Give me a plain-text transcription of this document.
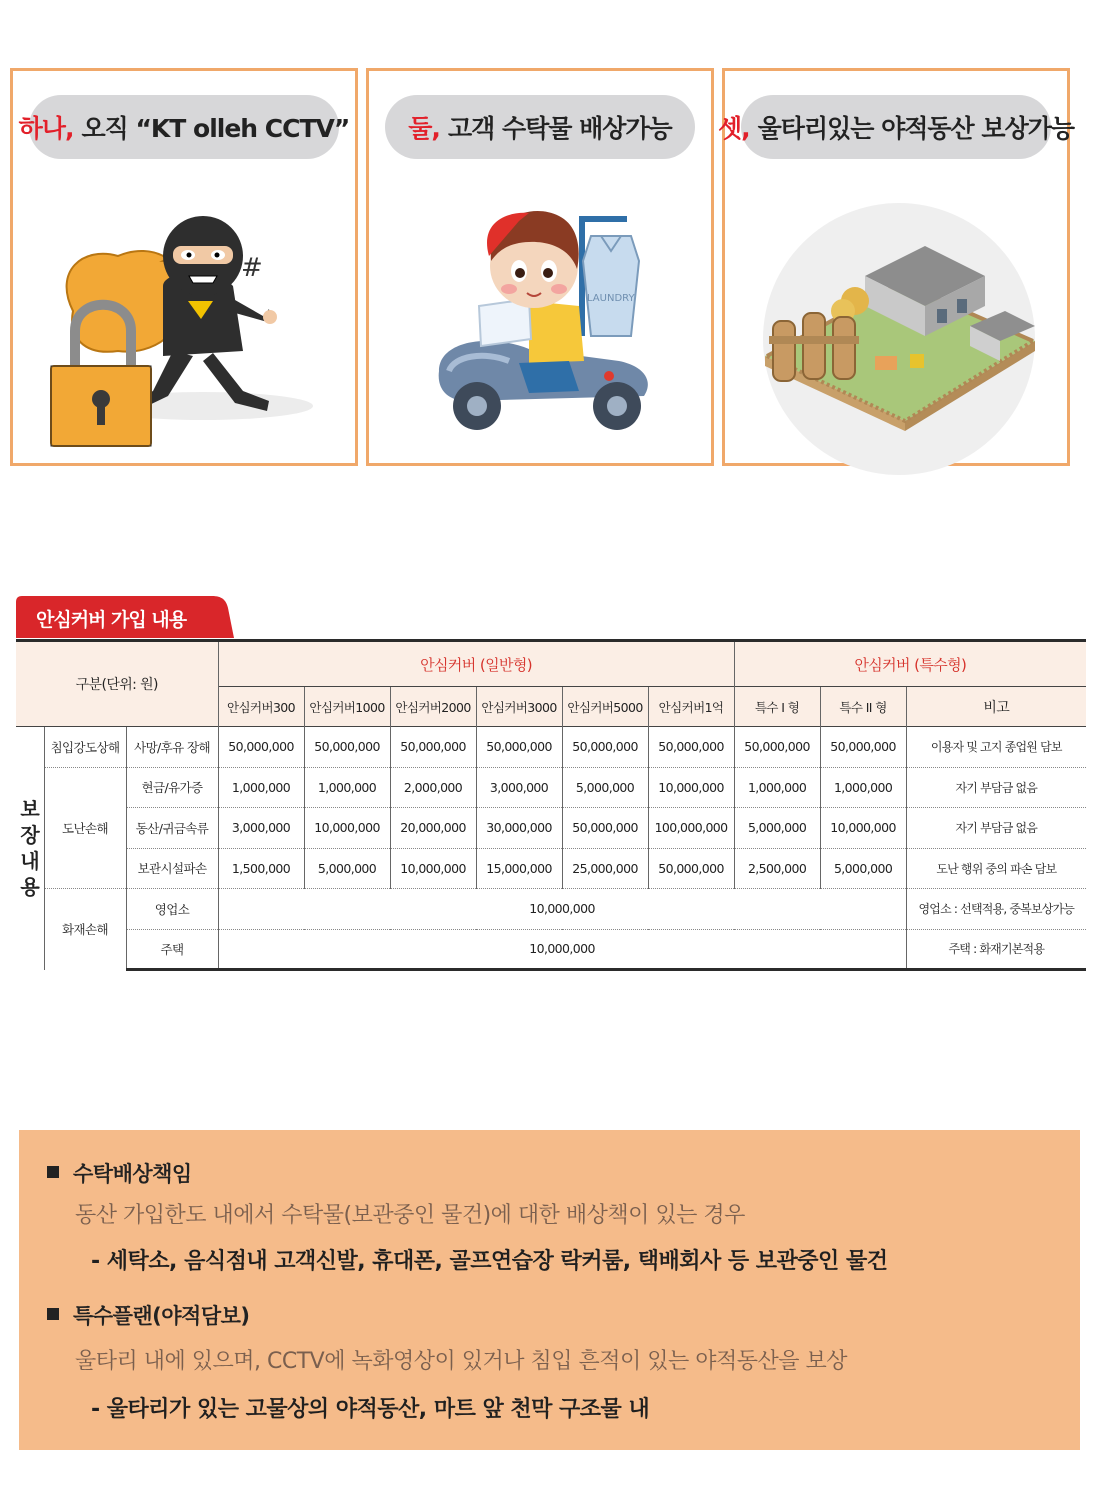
#
하나, 오직 “KT olleh CCTV”
LAUNDRY
둘, 고객 수탁물 배상가능 셋, 울타리있는 야적동산 보상가능
안심커버 가입 내용
구분(단위: 원)			안심커버 (일반형)						안심커버 (특수형)		
			안심커버300	안심커버1000	안심커버2000	안심커버3000	안심커버5000	안심커버1억	특수 I 형	특수 II 형	비고

보
장
내
용	침입강도상해	사망/후유 장해	50,000,000	50,000,000	50,000,000	50,000,000	50,000,000	50,000,000	50,000,000	50,000,000	이용자 및 고지 종업원 담보
	도난손해	현금/유가증	1,000,000	1,000,000	2,000,000	3,000,000	5,000,000	10,000,000	1,000,000	1,000,000	자기 부담금 없음
		동산/귀금속류	3,000,000	10,000,000	20,000,000	30,000,000	50,000,000	100,000,000	5,000,000	10,000,000	자기 부담금 없음
		보관시설파손	1,500,000	5,000,000	10,000,000	15,000,000	25,000,000	50,000,000	2,500,000	5,000,000	도난 행위 중의 파손 담보
	화재손해	영업소	10,000,000								영업소 : 선택적용, 중복보상가능
		주택	10,000,000								주택 : 화재기본적용
수탁배상책임
동산 가입한도 내에서 수탁물(보관중인 물건)에 대한 배상책이 있는 경우
- 세탁소, 음식점내 고객신발, 휴대폰, 골프연습장 락커룸, 택배회사 등 보관중인 물건
특수플랜(야적담보)
울타리 내에 있으며, CCTV에 녹화영상이 있거나 침입 흔적이 있는 야적동산을 보상
- 울타리가 있는 고물상의 야적동산, 마트 앞 천막 구조물 내
